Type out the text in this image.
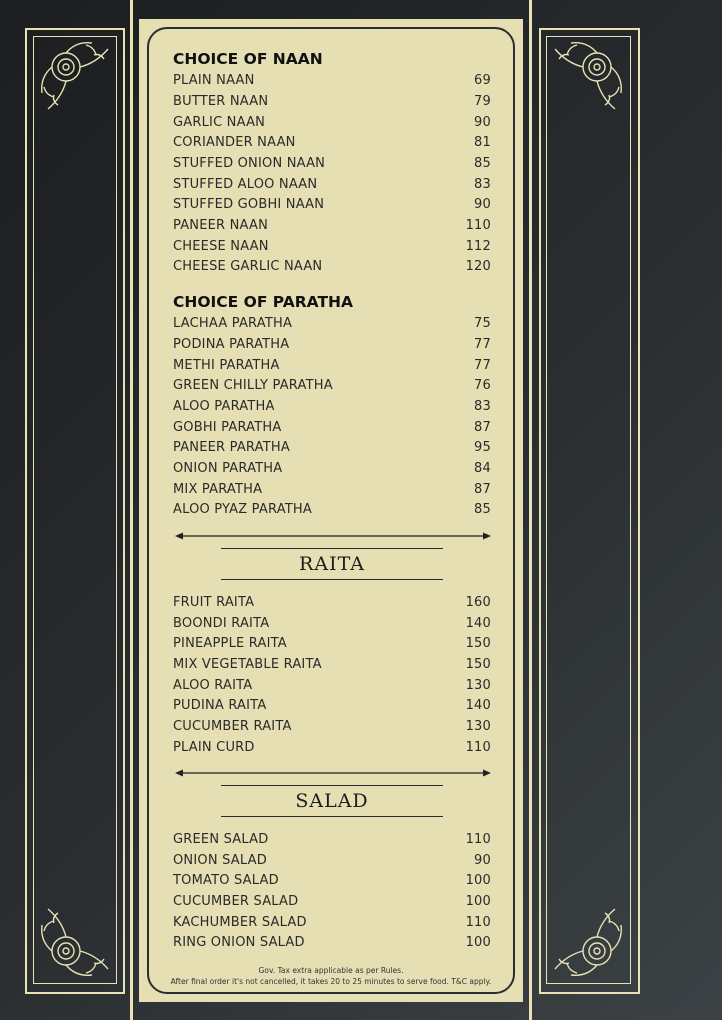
CHOICE OF NAAN
PLAIN NAAN	69
BUTTER NAAN	79
GARLIC NAAN	90
CORIANDER NAAN	81
STUFFED ONION NAAN	85
STUFFED ALOO NAAN	83
STUFFED GOBHI NAAN	90
PANEER NAAN	110
CHEESE NAAN	112
CHEESE GARLIC NAAN	120
CHOICE OF PARATHA
LACHAA PARATHA	75
PODINA PARATHA	77
METHI PARATHA	77
GREEN CHILLY PARATHA	76
ALOO PARATHA	83
GOBHI PARATHA	87
PANEER PARATHA	95
ONION PARATHA	84
MIX PARATHA	87
ALOO PYAZ PARATHA	85
RAITA
FRUIT RAITA	160
BOONDI RAITA	140
PINEAPPLE RAITA	150
MIX VEGETABLE RAITA	150
ALOO RAITA	130
PUDINA RAITA	140
CUCUMBER RAITA	130
PLAIN CURD	110
SALAD
GREEN SALAD	110
ONION SALAD	90
TOMATO SALAD	100
CUCUMBER SALAD	100
KACHUMBER SALAD	110
RING ONION SALAD	100
Gov. Tax extra applicable as per Rules.
After final order it's not cancelled, it takes 20 to 25 minutes to serve food. T&C apply.
